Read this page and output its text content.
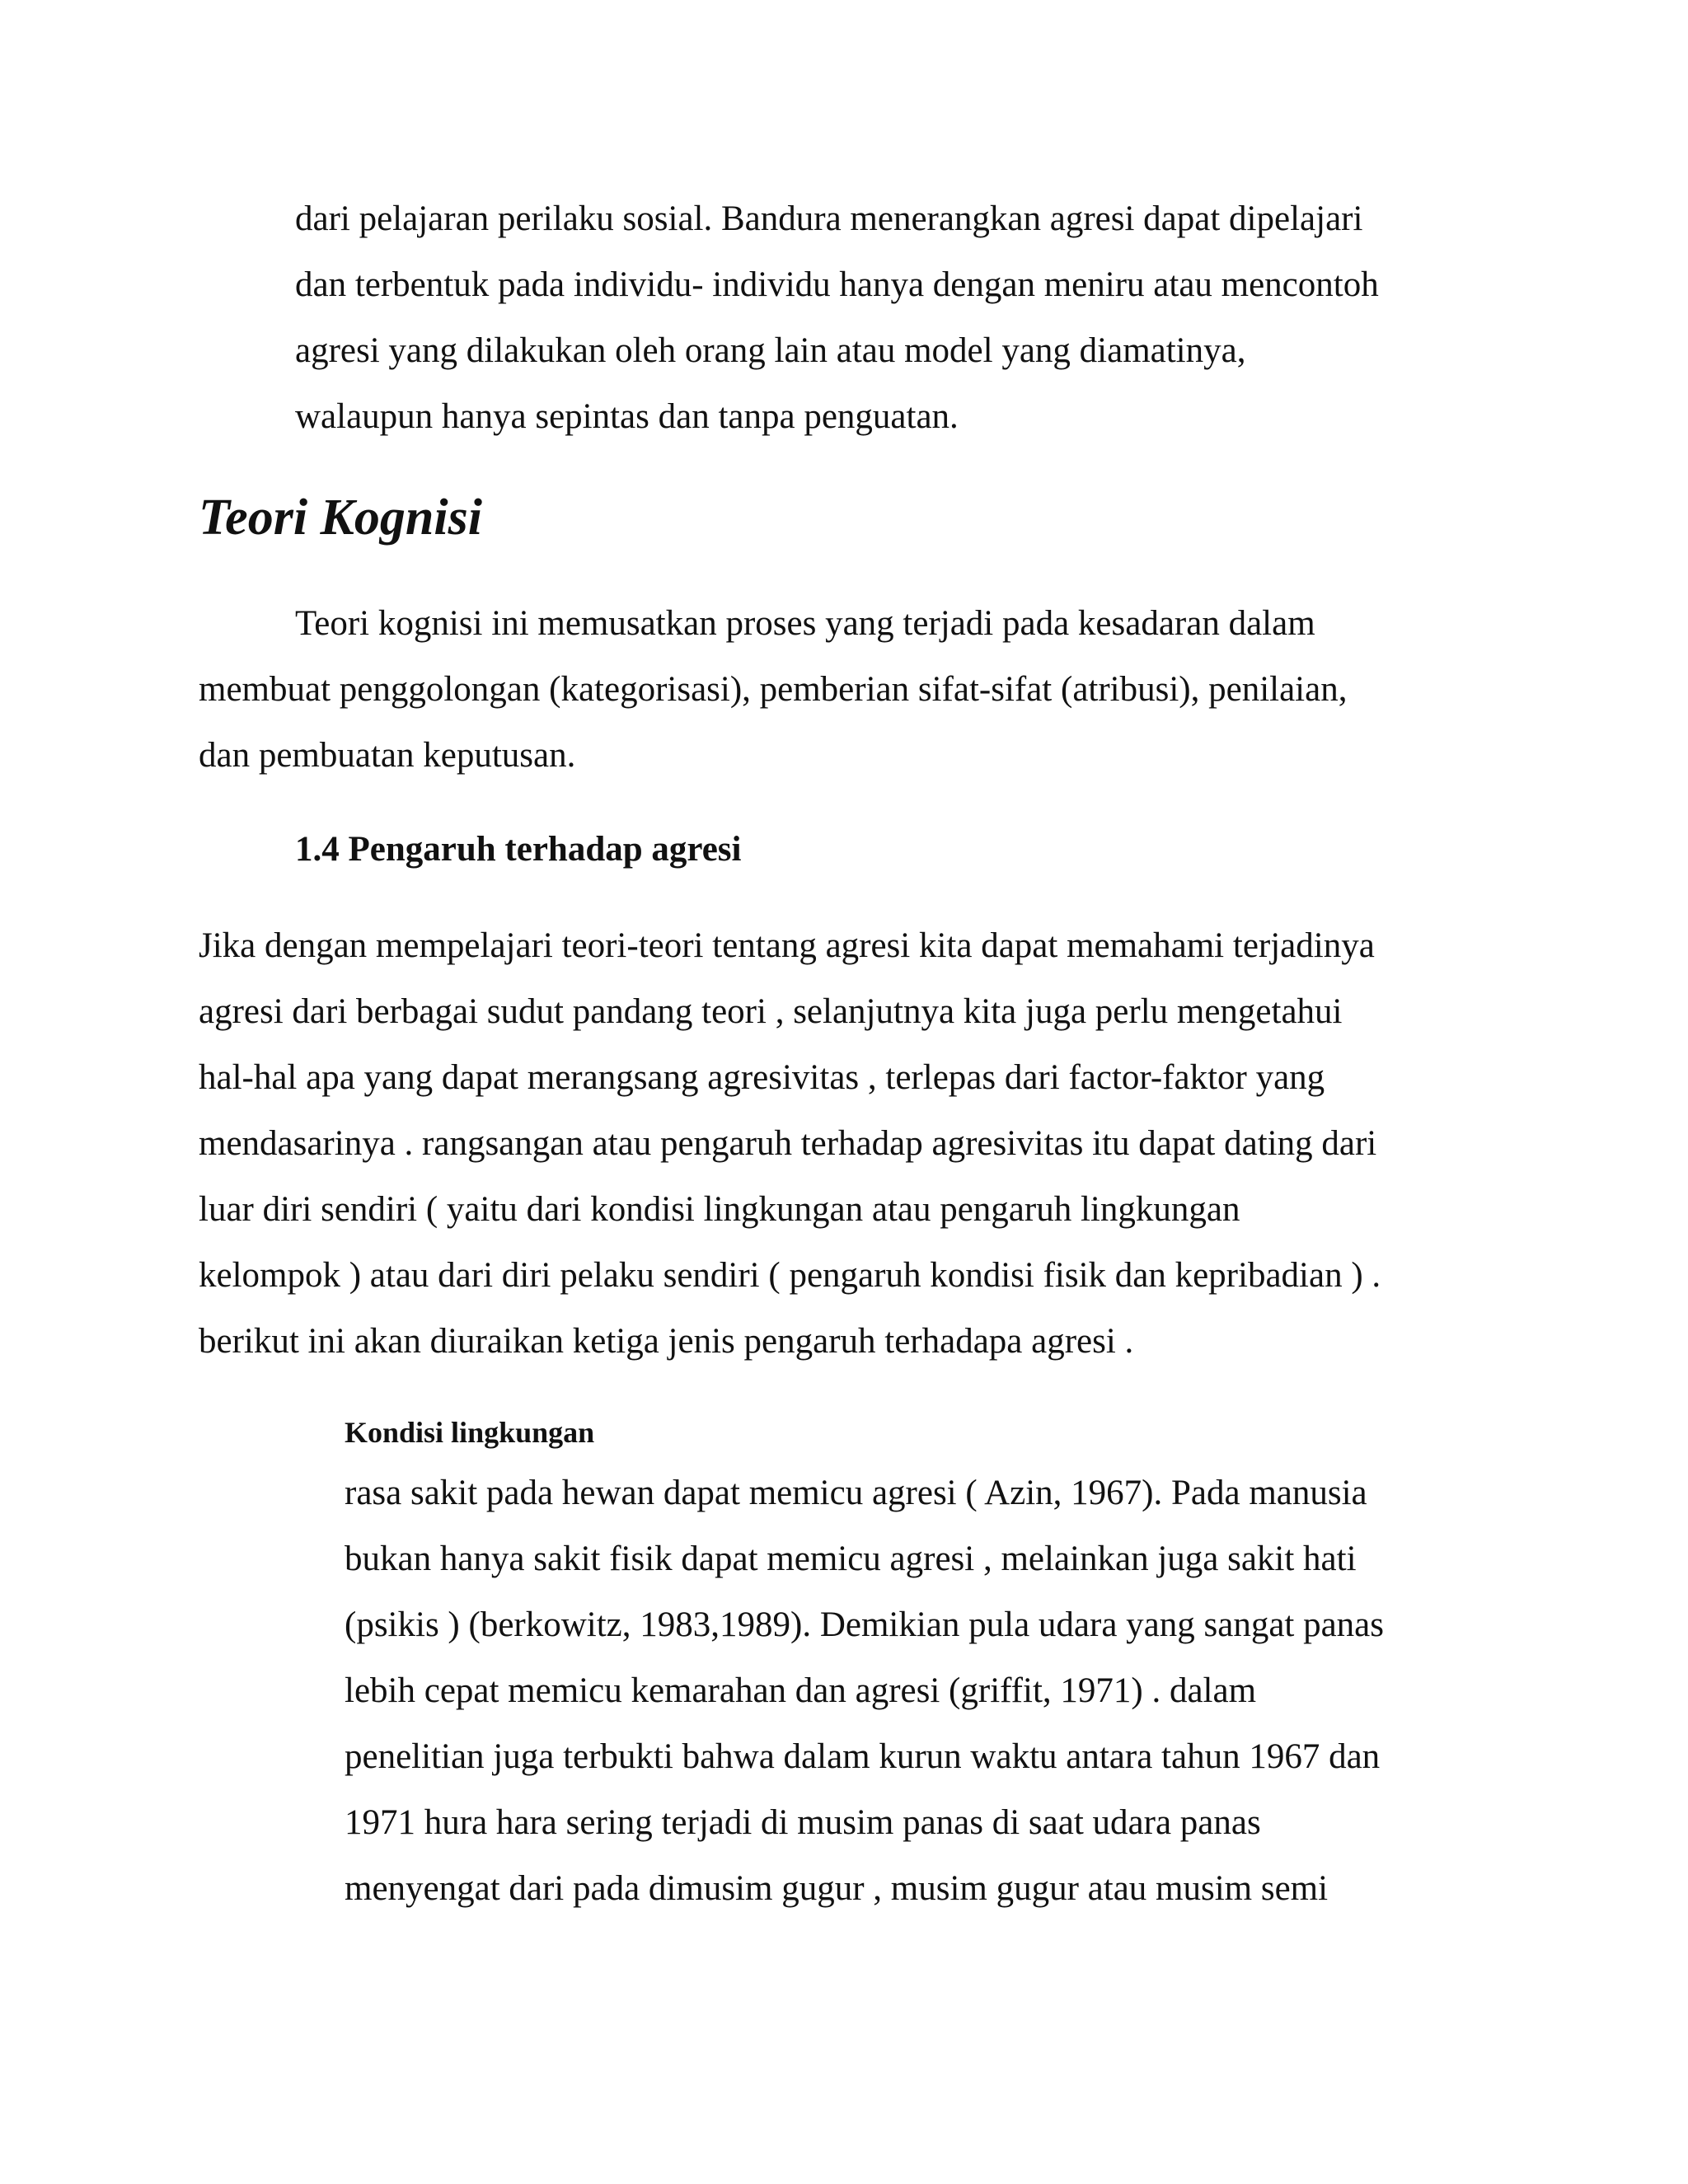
dari pelajaran perilaku sosial. Bandura menerangkan agresi dapat dipelajari
dan terbentuk pada individu- individu hanya dengan meniru atau mencontoh
agresi yang dilakukan oleh orang lain atau model yang diamatinya,
walaupun hanya sepintas dan tanpa penguatan.
Teori Kognisi
Teori kognisi ini memusatkan proses yang terjadi pada kesadaran dalam
membuat penggolongan (kategorisasi), pemberian sifat-sifat (atribusi), penilaian,
dan pembuatan keputusan.
1.4 Pengaruh terhadap agresi
Jika dengan mempelajari teori-teori tentang agresi kita dapat memahami terjadinya
agresi dari berbagai sudut pandang teori , selanjutnya kita juga perlu mengetahui
hal-hal apa yang dapat merangsang agresivitas , terlepas dari factor-faktor yang
mendasarinya . rangsangan atau pengaruh terhadap agresivitas itu dapat dating dari
luar diri sendiri ( yaitu dari kondisi lingkungan atau pengaruh lingkungan
kelompok ) atau dari diri pelaku sendiri ( pengaruh kondisi fisik dan kepribadian ) .
berikut ini akan diuraikan ketiga jenis pengaruh terhadapa agresi .
Kondisi lingkungan
rasa sakit pada hewan dapat memicu agresi ( Azin, 1967). Pada manusia
bukan hanya sakit fisik dapat memicu agresi , melainkan juga sakit hati
(psikis ) (berkowitz, 1983,1989). Demikian pula udara yang sangat panas
lebih cepat memicu kemarahan dan agresi (griffit, 1971) . dalam
penelitian juga terbukti bahwa dalam kurun waktu antara tahun 1967 dan
1971 hura hara sering terjadi di musim panas di saat udara panas
menyengat dari pada dimusim gugur , musim gugur atau musim semi
